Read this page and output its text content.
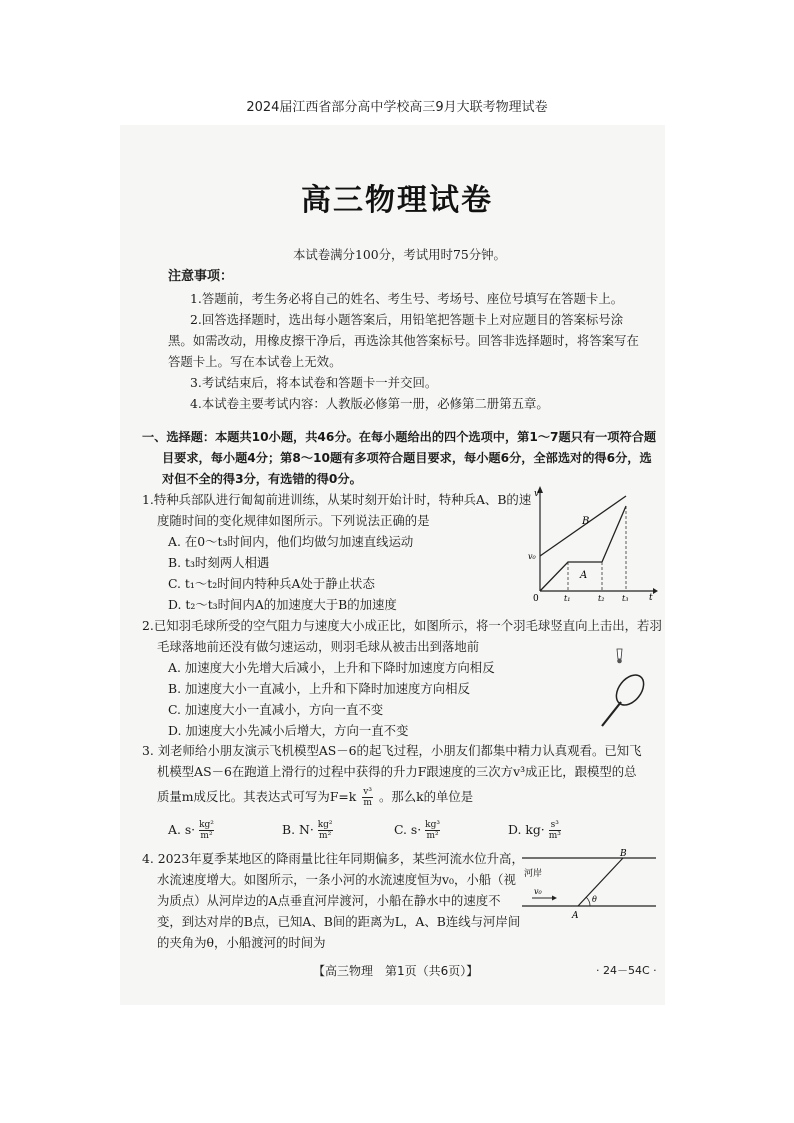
2024届江西省部分高中学校高三9月大联考物理试卷
高三物理试卷
本试卷满分100分，考试用时75分钟。
注意事项：
1.答题前，考生务必将自己的姓名、考生号、考场号、座位号填写在答题卡上。
2.回答选择题时，选出每小题答案后，用铅笔把答题卡上对应题目的答案标号涂
黑。如需改动，用橡皮擦干净后，再选涂其他答案标号。回答非选择题时，将答案写在
答题卡上。写在本试卷上无效。
3.考试结束后，将本试卷和答题卡一并交回。
4.本试卷主要考试内容：人教版必修第一册，必修第二册第五章。
一、选择题：本题共10小题，共46分。在每小题给出的四个选项中，第1～7题只有一项符合题
目要求，每小题4分；第8～10题有多项符合题目要求，每小题6分，全部选对的得6分，选
对但不全的得3分，有选错的得0分。
1.特种兵部队进行匍匐前进训练，从某时刻开始计时，特种兵A、B的速
度随时间的变化规律如图所示。下列说法正确的是
A. 在0～t₃时间内，他们均做匀加速直线运动
B. t₃时刻两人相遇
C. t₁～t₂时间内特种兵A处于静止状态
D. t₂～t₃时间内A的加速度大于B的加速度
v
t
0
v₀
B
A
t₁	t₂ t₃
2.已知羽毛球所受的空气阻力与速度大小成正比，如图所示，将一个羽毛球竖直向上击出，若羽
毛球落地前还没有做匀速运动，则羽毛球从被击出到落地前
A. 加速度大小先增大后减小，上升和下降时加速度方向相反
B. 加速度大小一直减小，上升和下降时加速度方向相反
C. 加速度大小一直减小，方向一直不变
D. 加速度大小先减小后增大，方向一直不变
3. 刘老师给小朋友演示飞机模型AS－6的起飞过程，小朋友们都集中精力认真观看。已知飞
机模型AS－6在跑道上滑行的过程中获得的升力F跟速度的三次方v³成正比，跟模型的总
质量m成反比。其表达式可写为$F=k \frac{\text{v³}}{m}$ 。那么k的单位是
A. $s\cdot \frac{\text{kg²}}{\text{m²}}$	B. $N\cdot \frac{\text{kg²}}{\text{m²}}$	C. $s\cdot \frac{\text{kg³}}{\text{m²}}$	D. $kg\cdot \frac{\text{s³}}{\text{m³}}$
4. 2023年夏季某地区的降雨量比往年同期偏多，某些河流水位升高，
水流速度增大。如图所示，一条小河的水流速度恒为v₀，小船（视
为质点）从河岸边的A点垂直河岸渡河，小船在静水中的速度不
变，到达对岸的B点，已知A、B间的距离为L，A、B连线与河岸间
的夹角为θ，小船渡河的时间为
河岸
v₀
A
B
θ
【高三物理　第1页（共6页）】	· 24－54C ·
